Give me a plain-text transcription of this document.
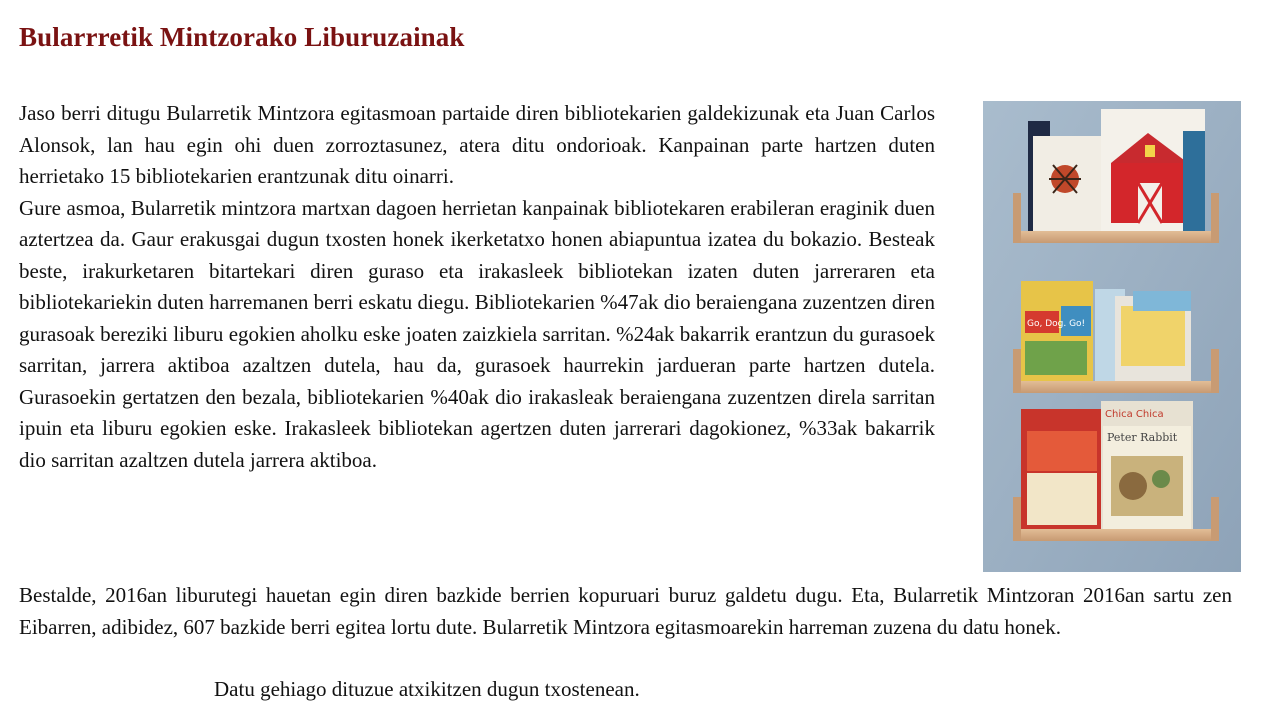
Bularrretik Mintzorako Liburuzainak
Jaso berri ditugu Bularretik Mintzora egitasmoan partaide diren bibliotekarien galdekizunak eta Juan Carlos Alonsok, lan hau egin ohi duen zorroztasunez, atera ditu ondorioak. Kanpainan parte hartzen duten herrietako 15 bibliotekarien erantzunak ditu oinarri.
Gure asmoa, Bularretik mintzora martxan dagoen herrietan kanpainak bibliotekaren erabileran eraginik duen aztertzea da. Gaur erakusgai dugun txosten honek ikerketatxo honen abiapuntua izatea du bokazio. Besteak beste, irakurketaren bitartekari diren guraso eta irakasleek bibliotekan izaten duten jarreraren eta bibliotekariekin duten harremanen berri eskatu diegu. Bibliotekarien %47ak dio beraiengana zuzentzen diren gurasoak bereziki liburu egokien aholku eske joaten zaizkiela sarritan. %24ak bakarrik erantzun du gurasoek sarritan, jarrera aktiboa azaltzen dutela, hau da, gurasoek haurrekin jardueran parte hartzen dutela. Gurasoekin gertatzen den bezala, bibliotekarien %40ak dio irakasleak beraiengana zuzentzen direla sarritan ipuin eta liburu egokien eske. Irakasleek bibliotekan agertzen duten jarrerari dagokionez, %33ak bakarrik dio sarritan azaltzen dutela jarrera aktiboa.
Go, Dog. Go!
Chica Chica
Peter Rabbit
Bestalde, 2016an liburutegi hauetan egin diren bazkide berrien kopuruari buruz galdetu dugu. Eta, Bularretik Mintzoran 2016an sartu zen Eibarren, adibidez, 607 bazkide berri egitea lortu dute. Bularretik Mintzora egitasmoarekin harreman zuzena du datu honek.
Datu gehiago dituzue atxikitzen dugun txostenean.
